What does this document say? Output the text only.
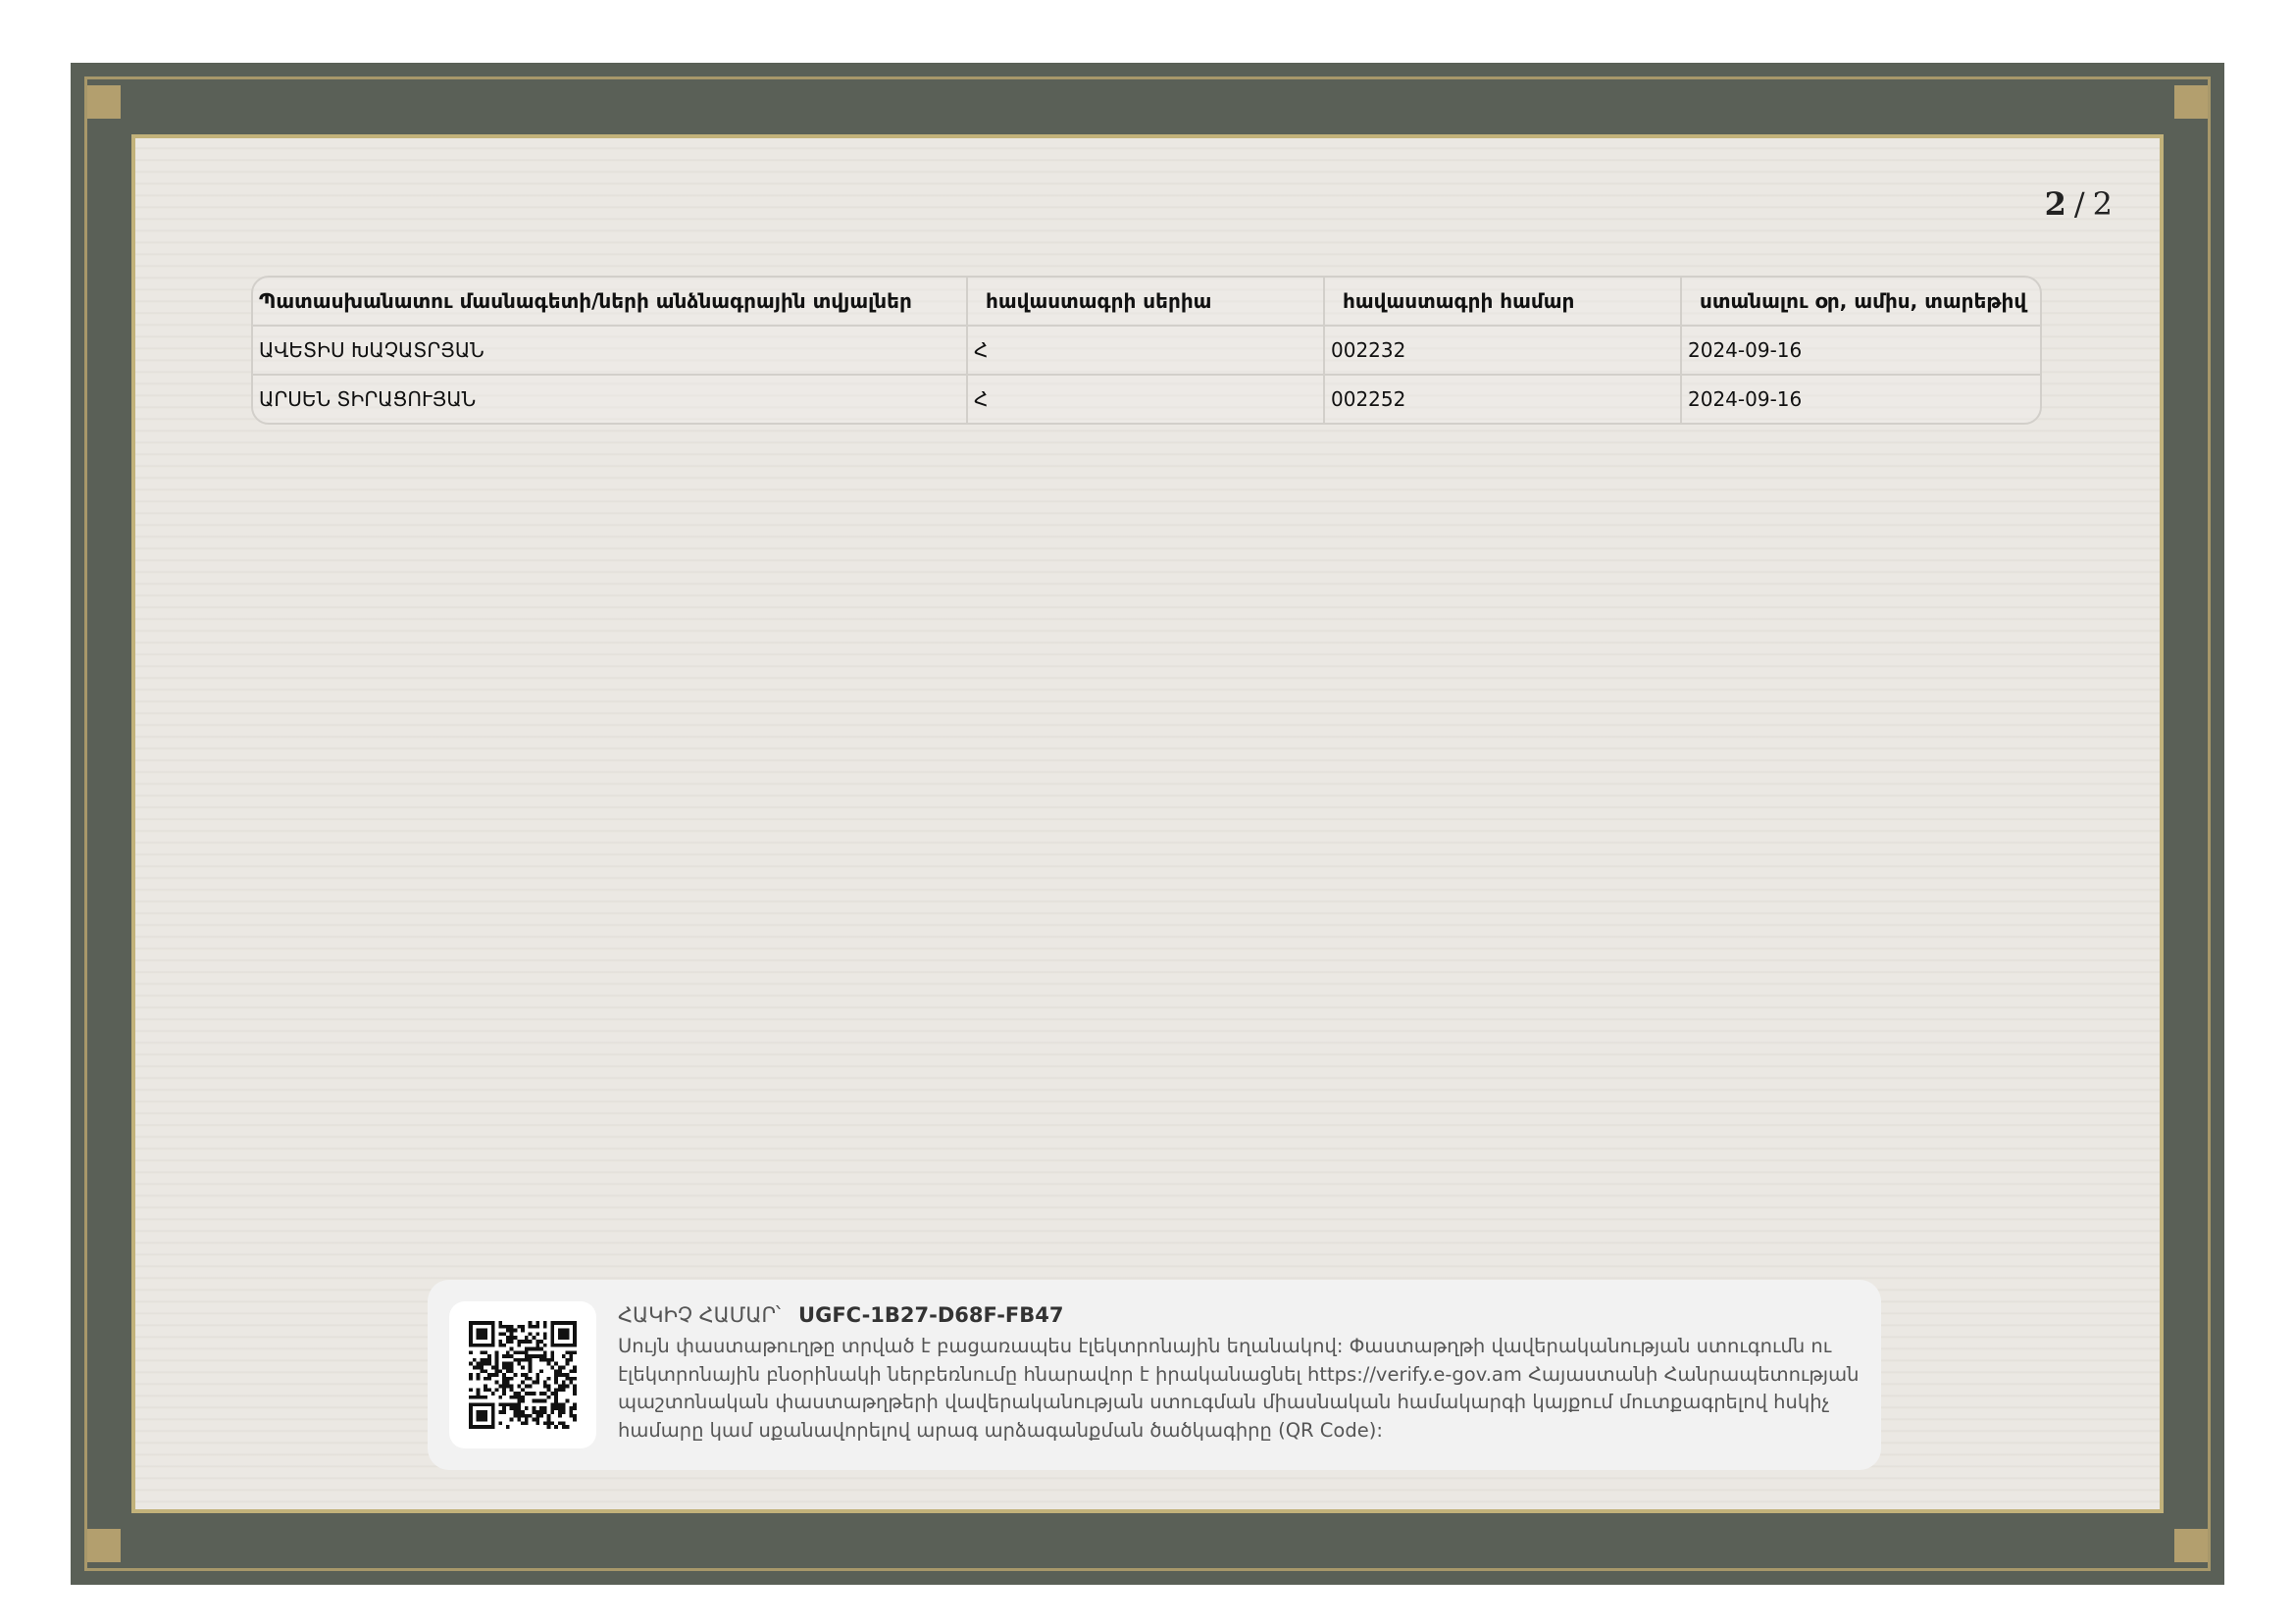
2 / 2
Պատասխանատու մասնագետի/ների անձնագրային տվյալներ	հավաստագրի սերիա	հավաստագրի համար	ստանալու օր, ամիս, տարեթիվ
ԱՎԵՏԻՍ ԽԱՉԱՏՐՅԱՆ	Հ	002232	2024-09-16
ԱՐՍԵՆ ՏԻՐԱՑՈՒՅԱՆ	Հ	002252	2024-09-16
ՀԱԿԻՉ ՀԱՄԱՐ՝ UGFC-1B27-D68F-FB47
Սույն փաստաթուղթը տրված է բացառապես էլեկտրոնային եղանակով: Փաստաթղթի վավերականության ստուգումն ու
էլեկտրոնային բնօրինակի ներբեռնումը հնարավոր է իրականացնել https://verify.e-gov.am Հայաստանի Հանրապետության
պաշտոնական փաստաթղթերի վավերականության ստուգման միասնական համակարգի կայքում մուտքագրելով հսկիչ
համարը կամ սքանավորելով արագ արձագանքման ծածկագիրը (QR Code):
